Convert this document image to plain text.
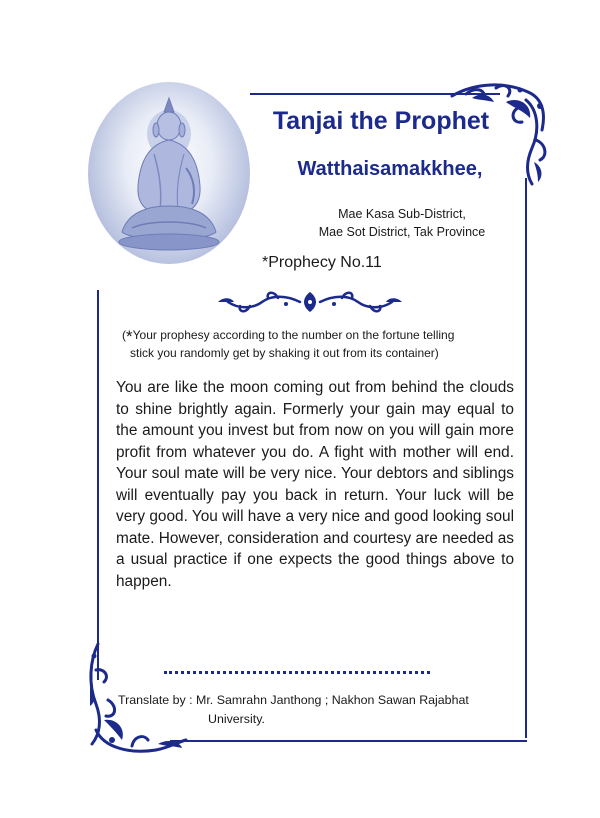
Tanjai the Prophet
Watthaisamakkhee,
Mae Kasa Sub-District,
Mae Sot District, Tak Province
*Prophecy No.11
(*Your prophesy according to the number on the fortune telling
stick you randomly get by shaking it out from its container)
You are like the moon coming out from behind the clouds to shine brightly again. Formerly your gain may equal to the amount you invest but from now on you will gain more profit from whatever you do. A fight with mother will end. Your soul mate will be very nice. Your debtors and siblings will eventually pay you back in return. Your luck will be very good. You will have a very nice and good looking soul mate. However, consideration and courtesy are needed as a usual practice if one expects the good things above to happen.
Translate by : Mr. Samrahn Janthong ; Nakhon Sawan Rajabhat
University.
